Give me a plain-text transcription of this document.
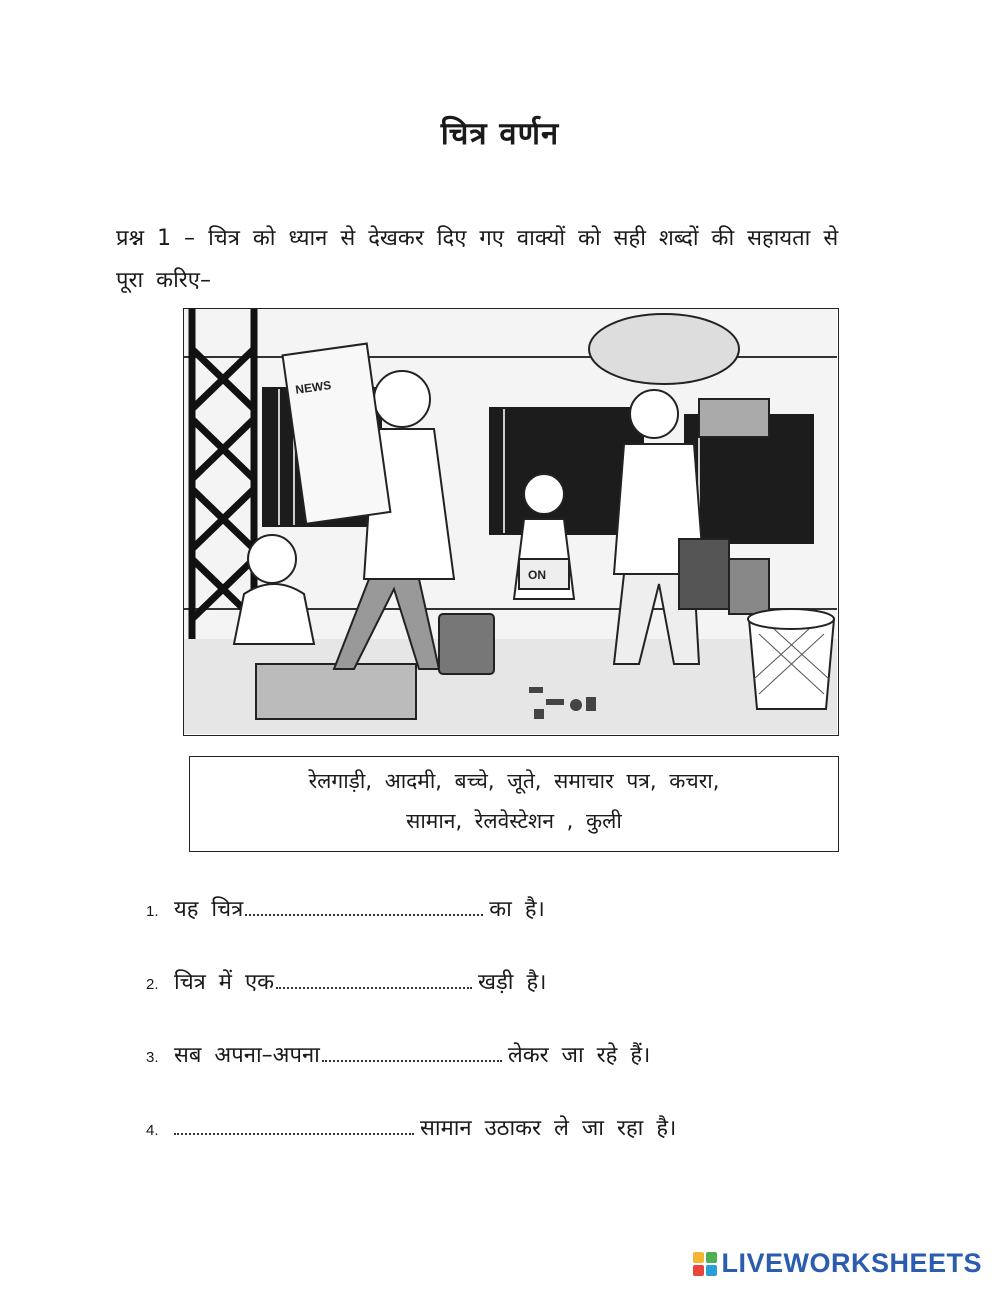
चित्र वर्णन
प्रश्न 1 – चित्र को ध्यान से देखकर दिए गए वाक्यों को सही शब्दों की सहायता से पूरा करिए–
NEWS
ON
रेलगाड़ी, आदमी, बच्चे, जूते, समाचार पत्र, कचरा,
सामान, रेलवेस्टेशन , कुली
1. यह चित्र	का है।
2. चित्र में एक	खड़ी है।
3. सब अपना–अपना	लेकर जा रहे हैं।
4.	सामान उठाकर ले जा रहा है।
LIVEWORKSHEETS
